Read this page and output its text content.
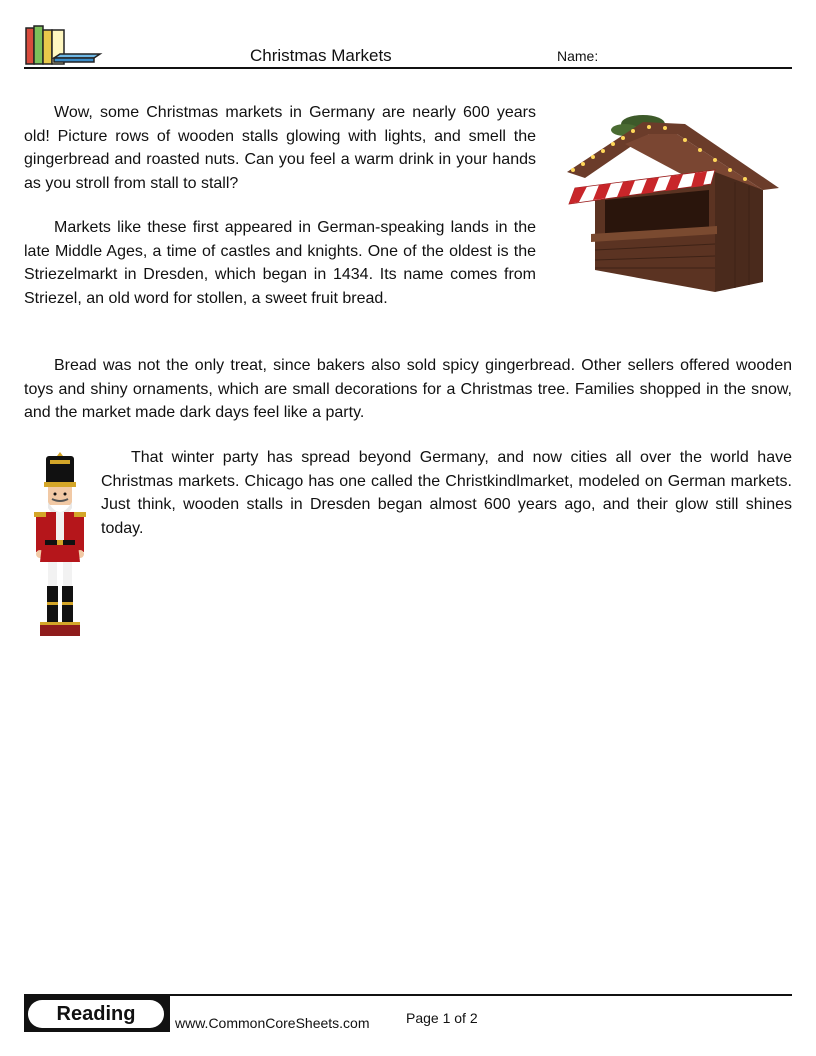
Christmas Markets	Name:

Wow, some Christmas markets in Germany are nearly 600 years old! Picture rows of wooden stalls glowing with lights, and smell the gingerbread and roasted nuts. Can you feel a warm drink in your hands as you stroll from stall to stall?

Markets like these first appeared in German-speaking lands in the late Middle Ages, a time of castles and knights. One of the oldest is the Striezelmarkt in Dresden, which began in 1434. Its name comes from Striezel, an old word for stollen, a sweet fruit bread.

Bread was not the only treat, since bakers also sold spicy gingerbread. Other sellers offered wooden toys and shiny ornaments, which are small decorations for a Christmas tree. Families shopped in the snow, and the market made dark days feel like a party.

That winter party has spread beyond Germany, and now cities all over the world have Christmas markets. Chicago has one called the Christkindlmarket, modeled on German markets. Just think, wooden stalls in Dresden began almost 600 years ago, and their glow still shines today.

Reading	www.CommonCoreSheets.com	Page 1 of 2
